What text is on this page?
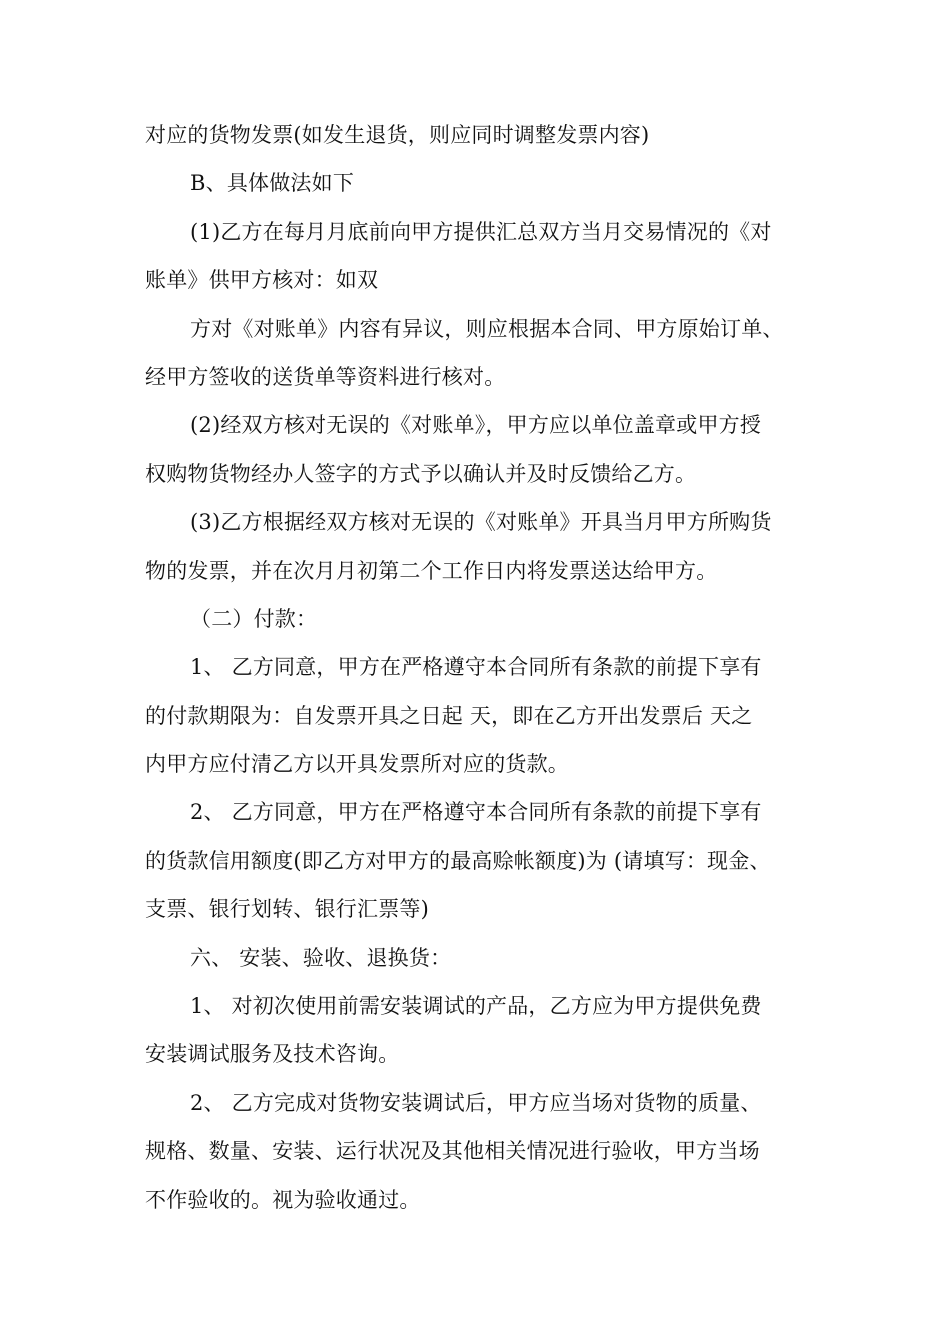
对应的货物发票(如发生退货，则应同时调整发票内容)
B、具体做法如下
(1)乙方在每月月底前向甲方提供汇总双方当月交易情况的《对
账单》供甲方核对：如双
方对《对账单》内容有异议，则应根据本合同、甲方原始订单、
经甲方签收的送货单等资料进行核对。
(2)经双方核对无误的《对账单》，甲方应以单位盖章或甲方授
权购物货物经办人签字的方式予以确认并及时反馈给乙方。
(3)乙方根据经双方核对无误的《对账单》开具当月甲方所购货
物的发票，并在次月月初第二个工作日内将发票送达给甲方。
（二）付款：
1、 乙方同意，甲方在严格遵守本合同所有条款的前提下享有
的付款期限为：自发票开具之日起 天，即在乙方开出发票后 天之
内甲方应付清乙方以开具发票所对应的货款。
2、 乙方同意，甲方在严格遵守本合同所有条款的前提下享有
的货款信用额度(即乙方对甲方的最高赊帐额度)为 (请填写：现金、
支票、银行划转、银行汇票等)
六、 安装、验收、退换货：
1、 对初次使用前需安装调试的产品，乙方应为甲方提供免费
安装调试服务及技术咨询。
2、 乙方完成对货物安装调试后，甲方应当场对货物的质量、
规格、数量、安装、运行状况及其他相关情况进行验收，甲方当场
不作验收的。视为验收通过。
